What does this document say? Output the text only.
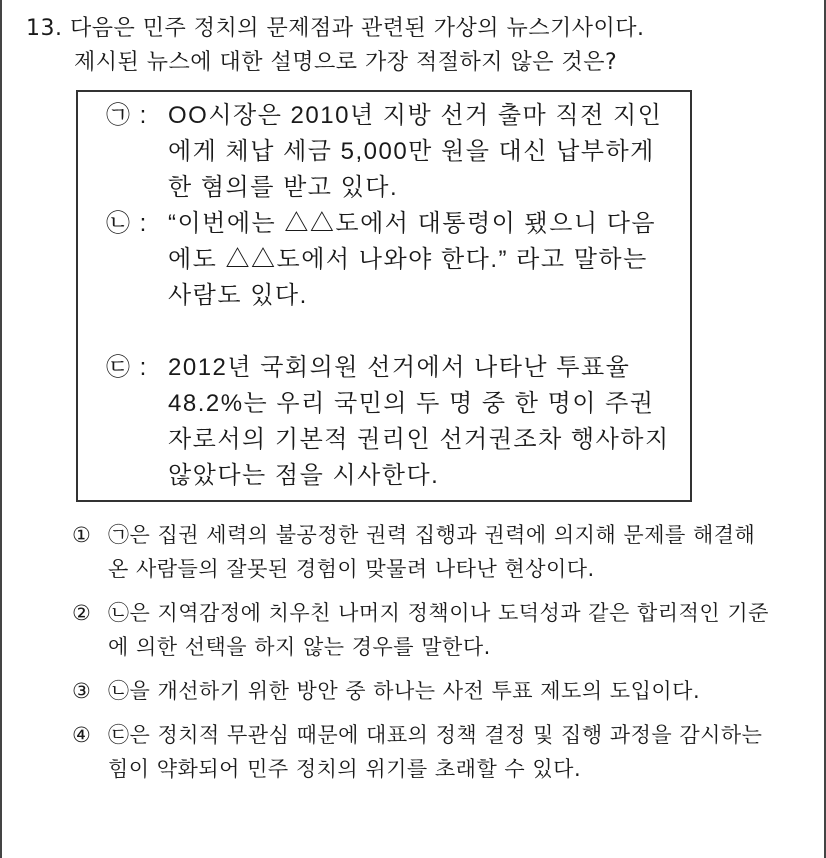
13. 다음은 민주 정치의 문제점과 관련된 가상의 뉴스기사이다.
제시된 뉴스에 대한 설명으로 가장 적절하지 않은 것은?
㉠ : OO시장은 2010년 지방 선거 출마 직전 지인에게 체납 세금 5,000만 원을 대신 납부하게 한 혐의를 받고 있다.
㉡ : “이번에는 △△도에서 대통령이 됐으니 다음에도 △△도에서 나와야 한다.” 라고 말하는 사람도 있다.
㉢ : 2012년 국회의원 선거에서 나타난 투표율 48.2%는 우리 국민의 두 명 중 한 명이 주권자로서의 기본적 권리인 선거권조차 행사하지 않았다는 점을 시사한다.
① ㉠은 집권 세력의 불공정한 권력 집행과 권력에 의지해 문제를 해결해 온 사람들의 잘못된 경험이 맞물려 나타난 현상이다.
② ㉡은 지역감정에 치우친 나머지 정책이나 도덕성과 같은 합리적인 기준에 의한 선택을 하지 않는 경우를 말한다.
③ ㉡을 개선하기 위한 방안 중 하나는 사전 투표 제도의 도입이다.
④ ㉢은 정치적 무관심 때문에 대표의 정책 결정 및 집행 과정을 감시하는 힘이 약화되어 민주 정치의 위기를 초래할 수 있다.
